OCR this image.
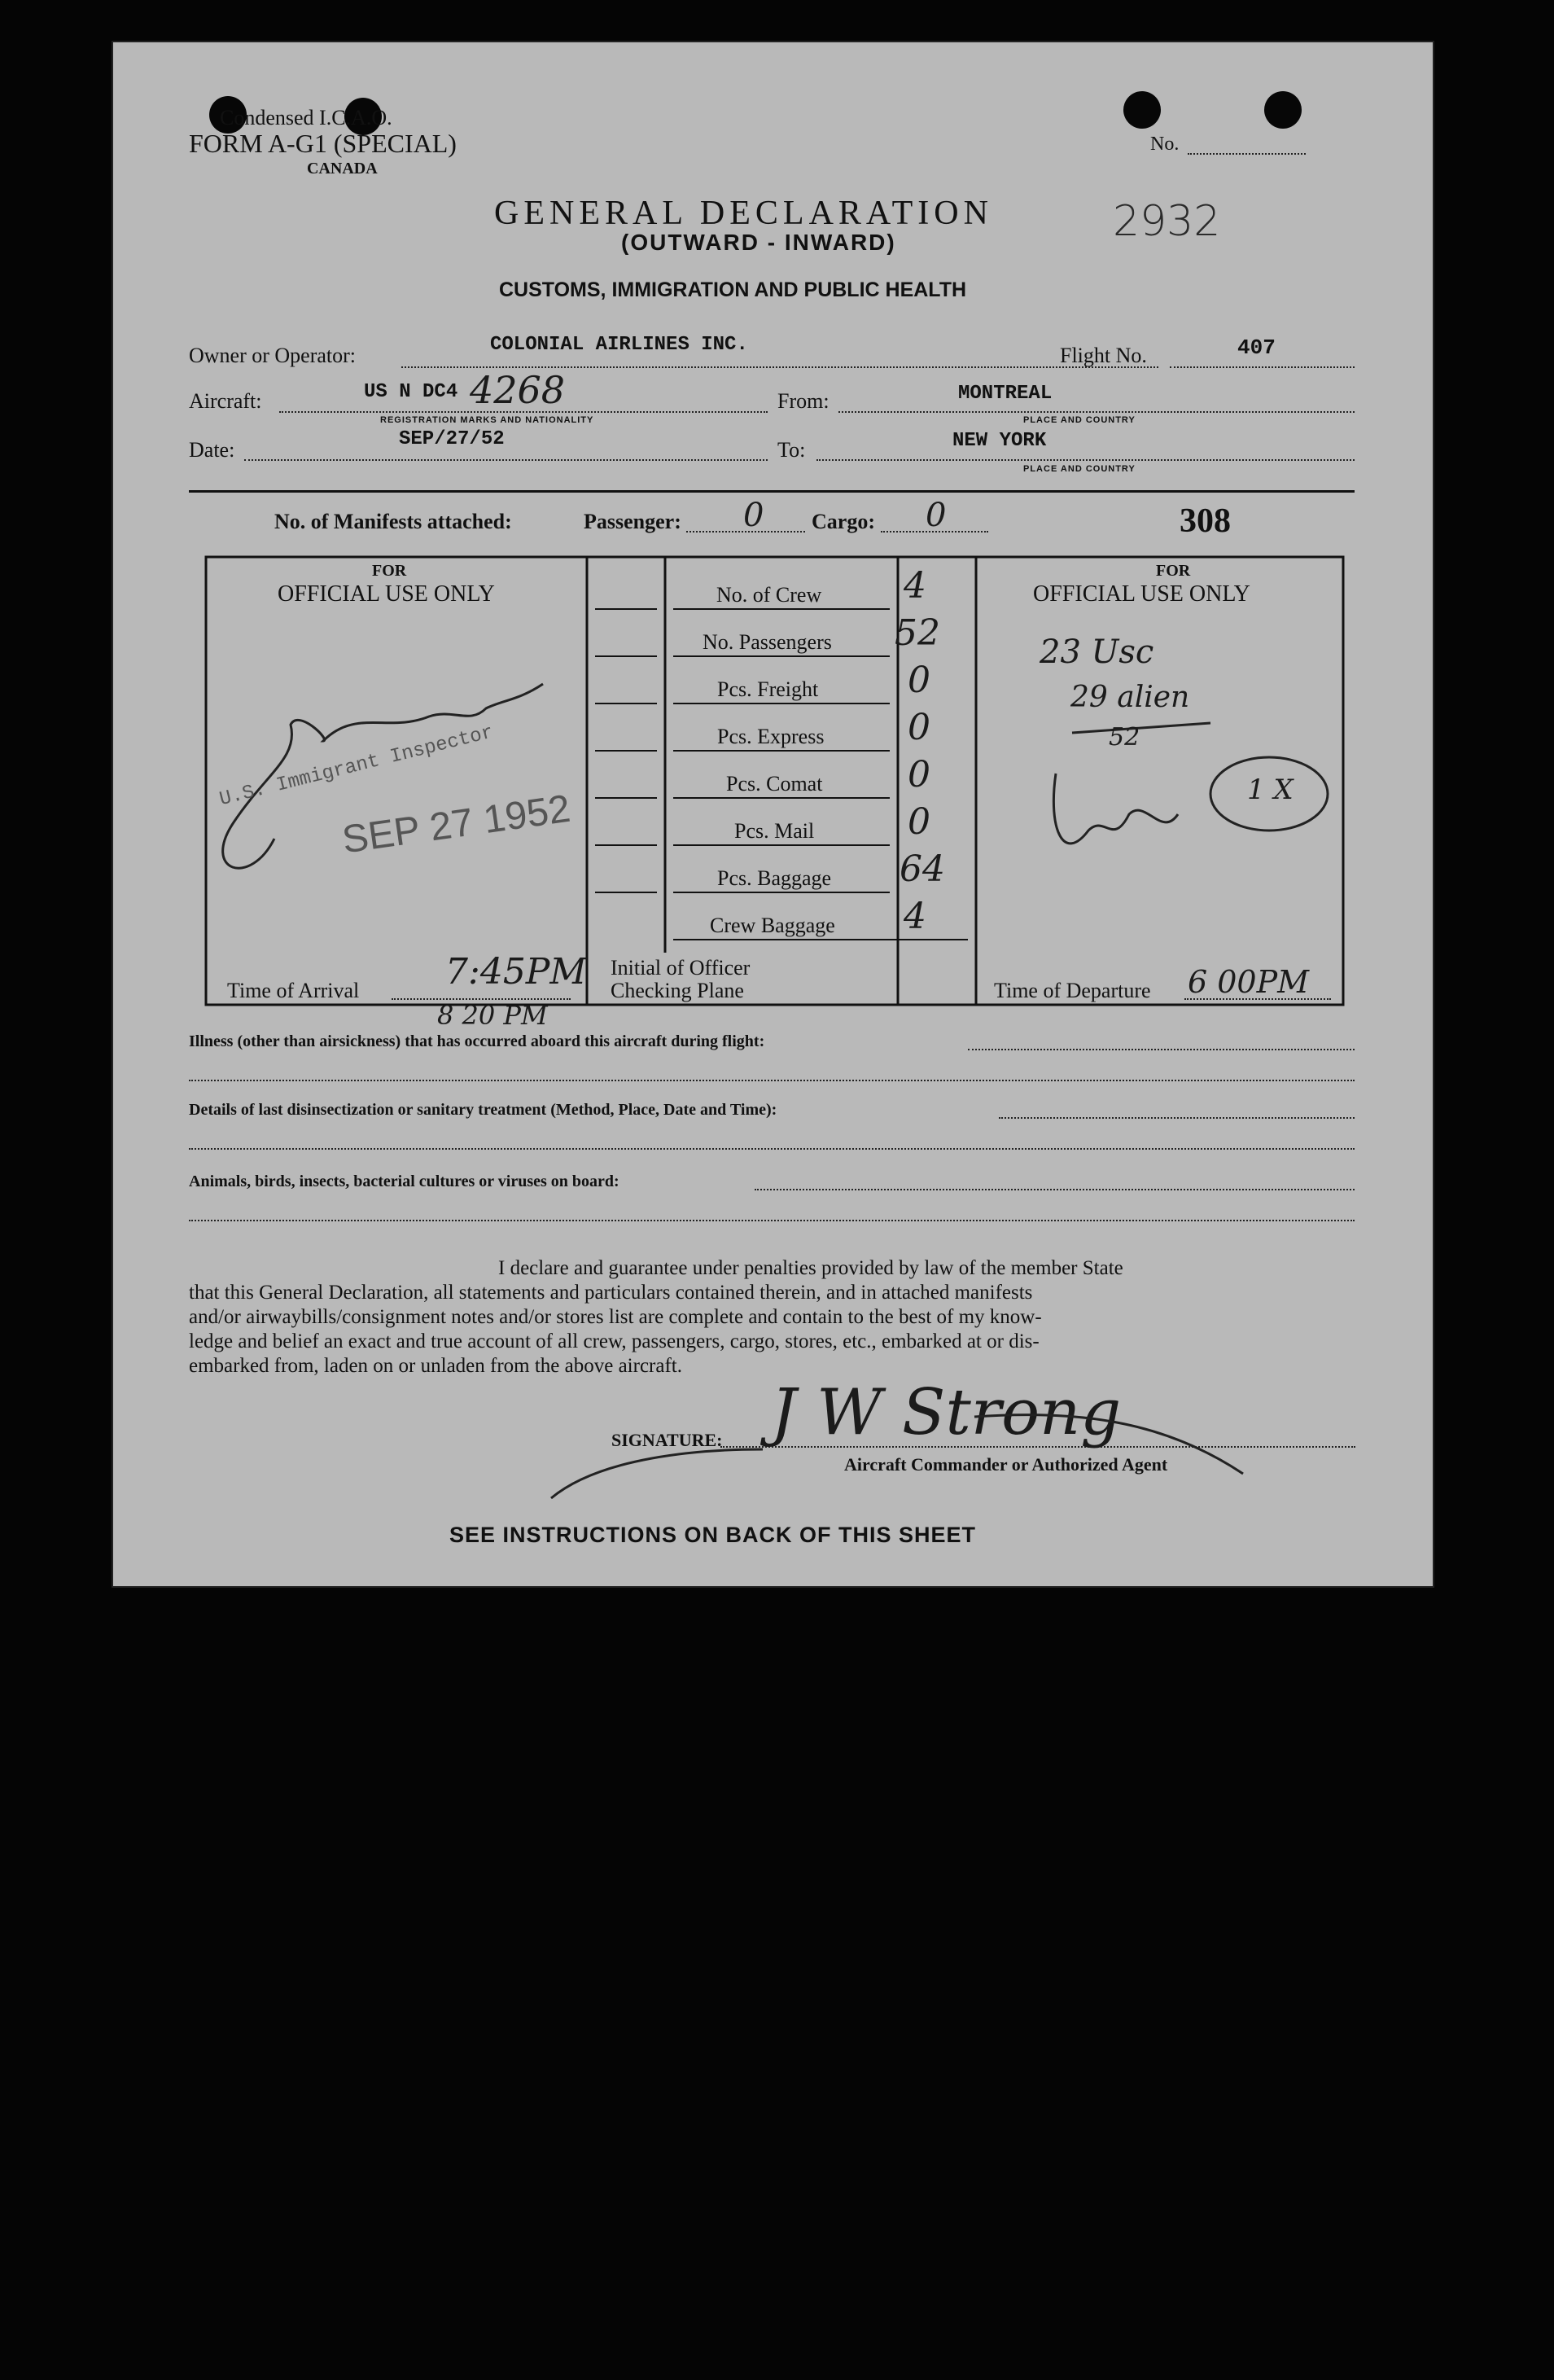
Condensed I.C.A.O.
FORM A-G1 (SPECIAL)
CANADA
No.
GENERAL DECLARATION	2932
(OUTWARD - INWARD)
CUSTOMS, IMMIGRATION AND PUBLIC HEALTH
Owner or Operator:	COLONIAL AIRLINES INC.	Flight No.	407
Aircraft:	US N DC4 4268
REGISTRATION MARKS AND NATIONALITY
From:	MONTREAL
PLACE AND COUNTRY
Date:	SEP/27/52	To:	NEW YORK
PLACE AND COUNTRY
No. of Manifests attached:	Passenger: 0 Cargo: 0	308
FOR
OFFICIAL USE ONLY
FOR
OFFICIAL USE ONLY
No. of Crew 4
No. Passengers 52
Pcs. Freight 0
Pcs. Express 0
Pcs. Comat 0
Pcs. Mail	0
Pcs. Baggage 64
Crew Baggage 4
U.S. Immigrant Inspector
SEP 27 1952
23 Usc
29 alien
52
1 X
Time of Arrival 7:45PM
8 20 PM
Initial of Officer
Checking Plane	Time of Departure 6 00PM
Illness (other than airsickness) that has occurred aboard this aircraft during flight:
Details of last disinsectization or sanitary treatment (Method, Place, Date and Time):
Animals, birds, insects, bacterial cultures or viruses on board:
I declare and guarantee under penalties provided by law of the member State
that this General Declaration, all statements and particulars contained therein, and in attached manifests
and/or airwaybills/consignment notes and/or stores list are complete and contain to the best of my know-
ledge and belief an exact and true account of all crew, passengers, cargo, stores, etc., embarked at or dis-
embarked from, laden on or unladen from the above aircraft.
SIGNATURE: J W Strong
Aircraft Commander or Authorized Agent
SEE INSTRUCTIONS ON BACK OF THIS SHEET
